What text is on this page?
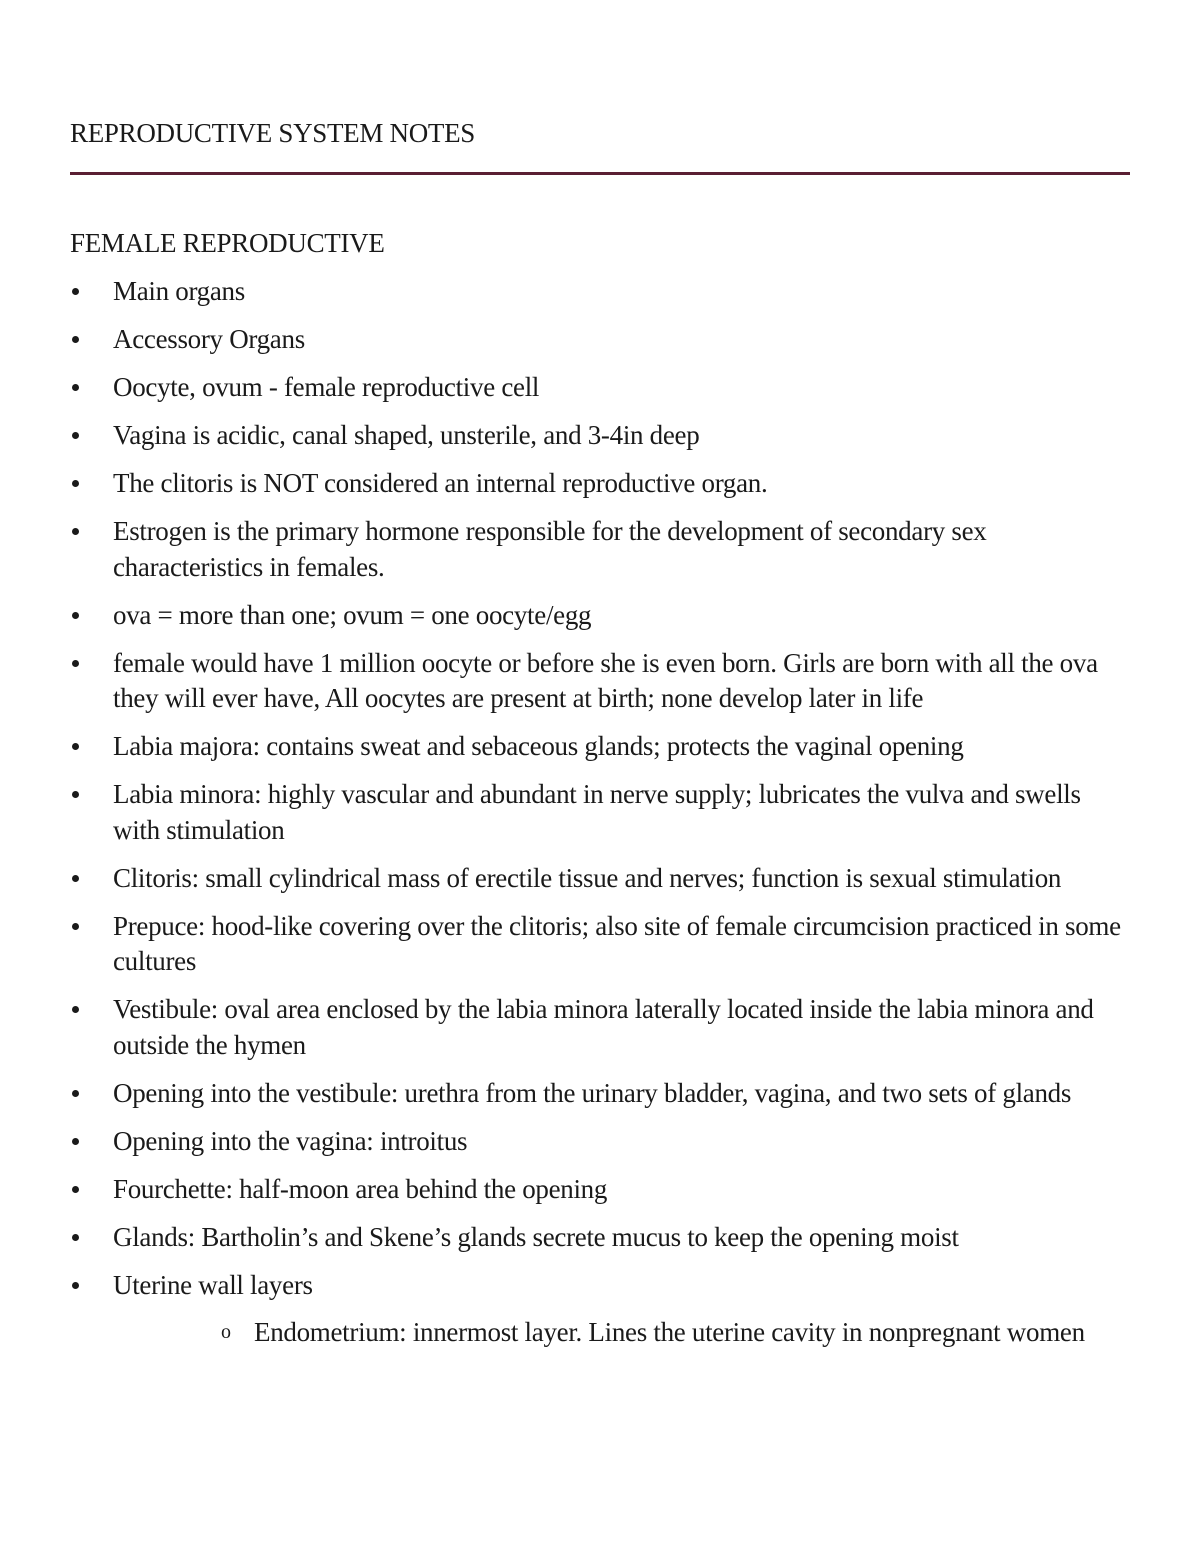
REPRODUCTIVE SYSTEM NOTES
FEMALE REPRODUCTIVE
Main organs
Accessory Organs
Oocyte, ovum - female reproductive cell
Vagina is acidic, canal shaped, unsterile, and 3-4in deep
The clitoris is NOT considered an internal reproductive organ.
Estrogen is the primary hormone responsible for the development of secondary sex characteristics in females.
ova = more than one; ovum = one oocyte/egg
female would have 1 million oocyte or before she is even born. Girls are born with all the ova they will ever have, All oocytes are present at birth; none develop later in life
Labia majora: contains sweat and sebaceous glands; protects the vaginal opening
Labia minora: highly vascular and abundant in nerve supply; lubricates the vulva and swells with stimulation
Clitoris: small cylindrical mass of erectile tissue and nerves; function is sexual stimulation
Prepuce: hood-like covering over the clitoris; also site of female circumcision practiced in some cultures
Vestibule: oval area enclosed by the labia minora laterally located inside the labia minora and outside the hymen
Opening into the vestibule: urethra from the urinary bladder, vagina, and two sets of glands
Opening into the vagina: introitus
Fourchette: half-moon area behind the opening
Glands: Bartholin’s and Skene’s glands secrete mucus to keep the opening moist
Uterine wall layers
o Endometrium: innermost layer. Lines the uterine cavity in nonpregnant women
